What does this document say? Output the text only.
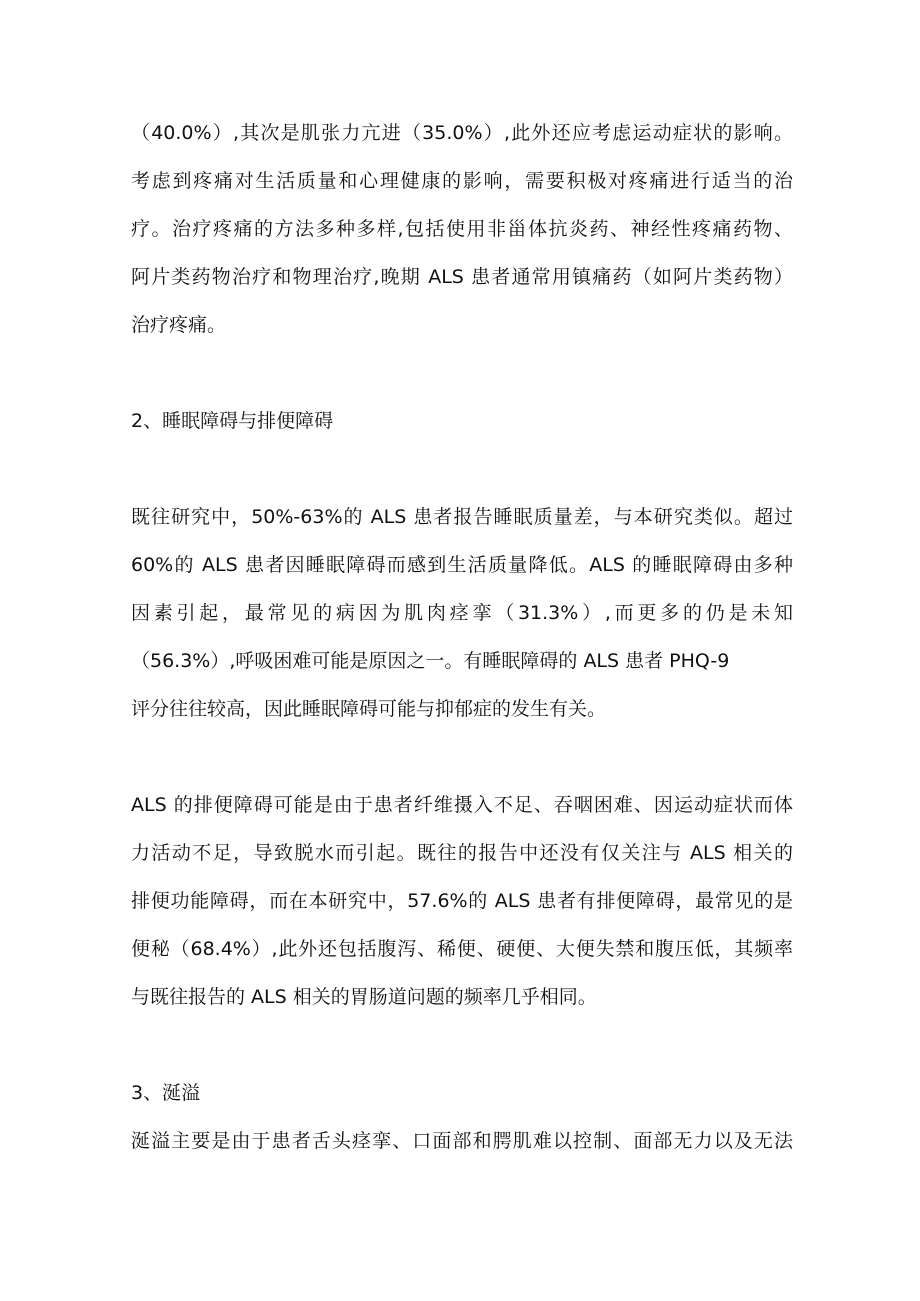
（40.0%）,其次是肌张力亢进（35.0%）,此外还应考虑运动症状的影响。
考虑到疼痛对生活质量和心理健康的影响，需要积极对疼痛进行适当的治
疗。治疗疼痛的方法多种多样,包括使用非甾体抗炎药、神经性疼痛药物、
阿片类药物治疗和物理治疗,晚期 ALS 患者通常用镇痛药（如阿片类药物）
治疗疼痛。
2、睡眠障碍与排便障碍
既往研究中，50%-63%的 ALS 患者报告睡眠质量差，与本研究类似。超过
60%的 ALS 患者因睡眠障碍而感到生活质量降低。ALS 的睡眠障碍由多种
因素引起，最常见的病因为肌肉痉挛（31.3%）,而更多的仍是未知
（56.3%）,呼吸困难可能是原因之一。有睡眠障碍的 ALS 患者 PHQ-9
评分往往较高，因此睡眠障碍可能与抑郁症的发生有关。
ALS 的排便障碍可能是由于患者纤维摄入不足、吞咽困难、因运动症状而体
力活动不足，导致脱水而引起。既往的报告中还没有仅关注与 ALS 相关的
排便功能障碍，而在本研究中，57.6%的 ALS 患者有排便障碍，最常见的是
便秘（68.4%）,此外还包括腹泻、稀便、硬便、大便失禁和腹压低，其频率
与既往报告的 ALS 相关的胃肠道问题的频率几乎相同。
3、涎溢
涎溢主要是由于患者舌头痉挛、口面部和腭肌难以控制、面部无力以及无法
